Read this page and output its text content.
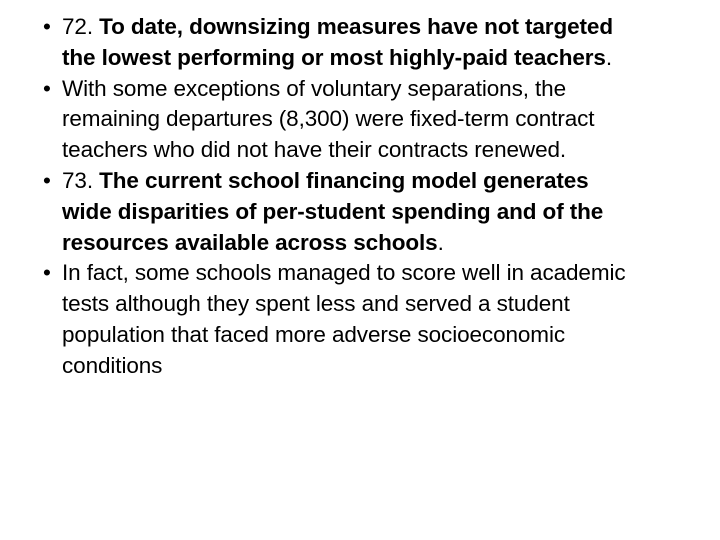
• 72. To date, downsizing measures have not targeted
the lowest performing or most highly-paid teachers.
• With some exceptions of voluntary separations, the
remaining departures (8,300) were fixed-term contract
teachers who did not have their contracts renewed.
• 73. The current school financing model generates
wide disparities of per-student spending and of the
resources available across schools.
• In fact, some schools managed to score well in academic
tests although they spent less and served a student
population that faced more adverse socioeconomic
conditions
